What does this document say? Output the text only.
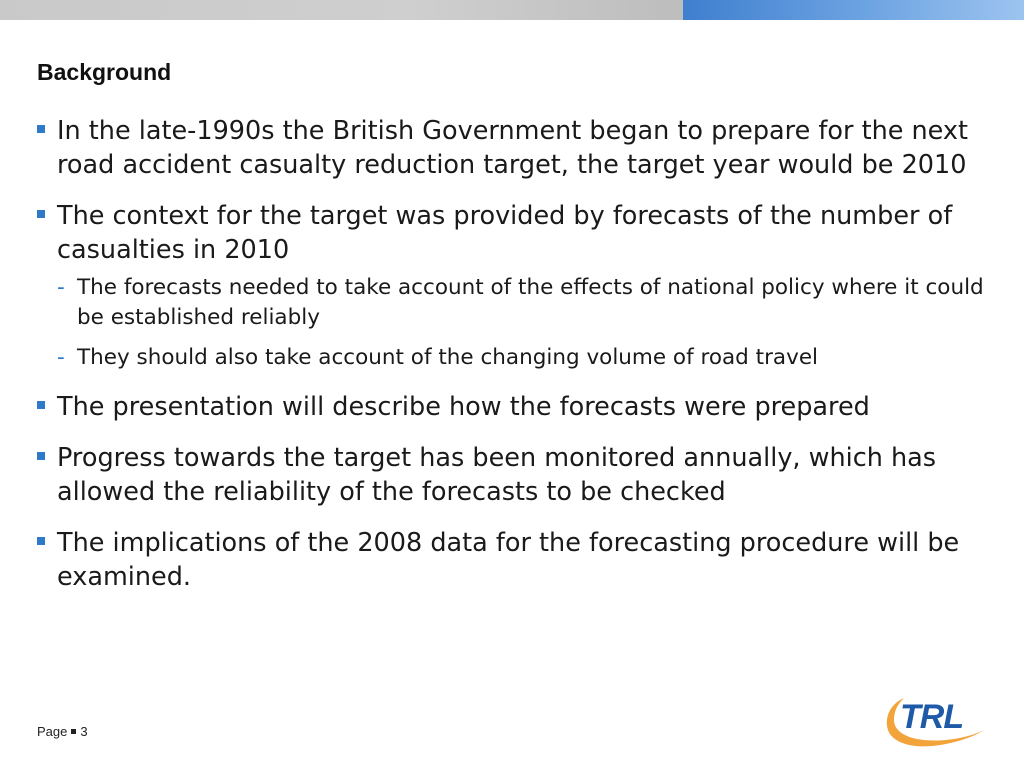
Background
In the late-1990s the British Government began to prepare for the next road accident casualty reduction target, the target year would be 2010
The context for the target was provided by forecasts of the number of casualties in 2010
- The forecasts needed to take account of the effects of national policy where it could be established reliably
- They should also take account of the changing volume of road travel
The presentation will describe how the forecasts were prepared
Progress towards the target has been monitored annually, which has allowed the reliability of the forecasts to be checked
The implications of the 2008 data for the forecasting procedure will be examined.
Page 3	TRL
